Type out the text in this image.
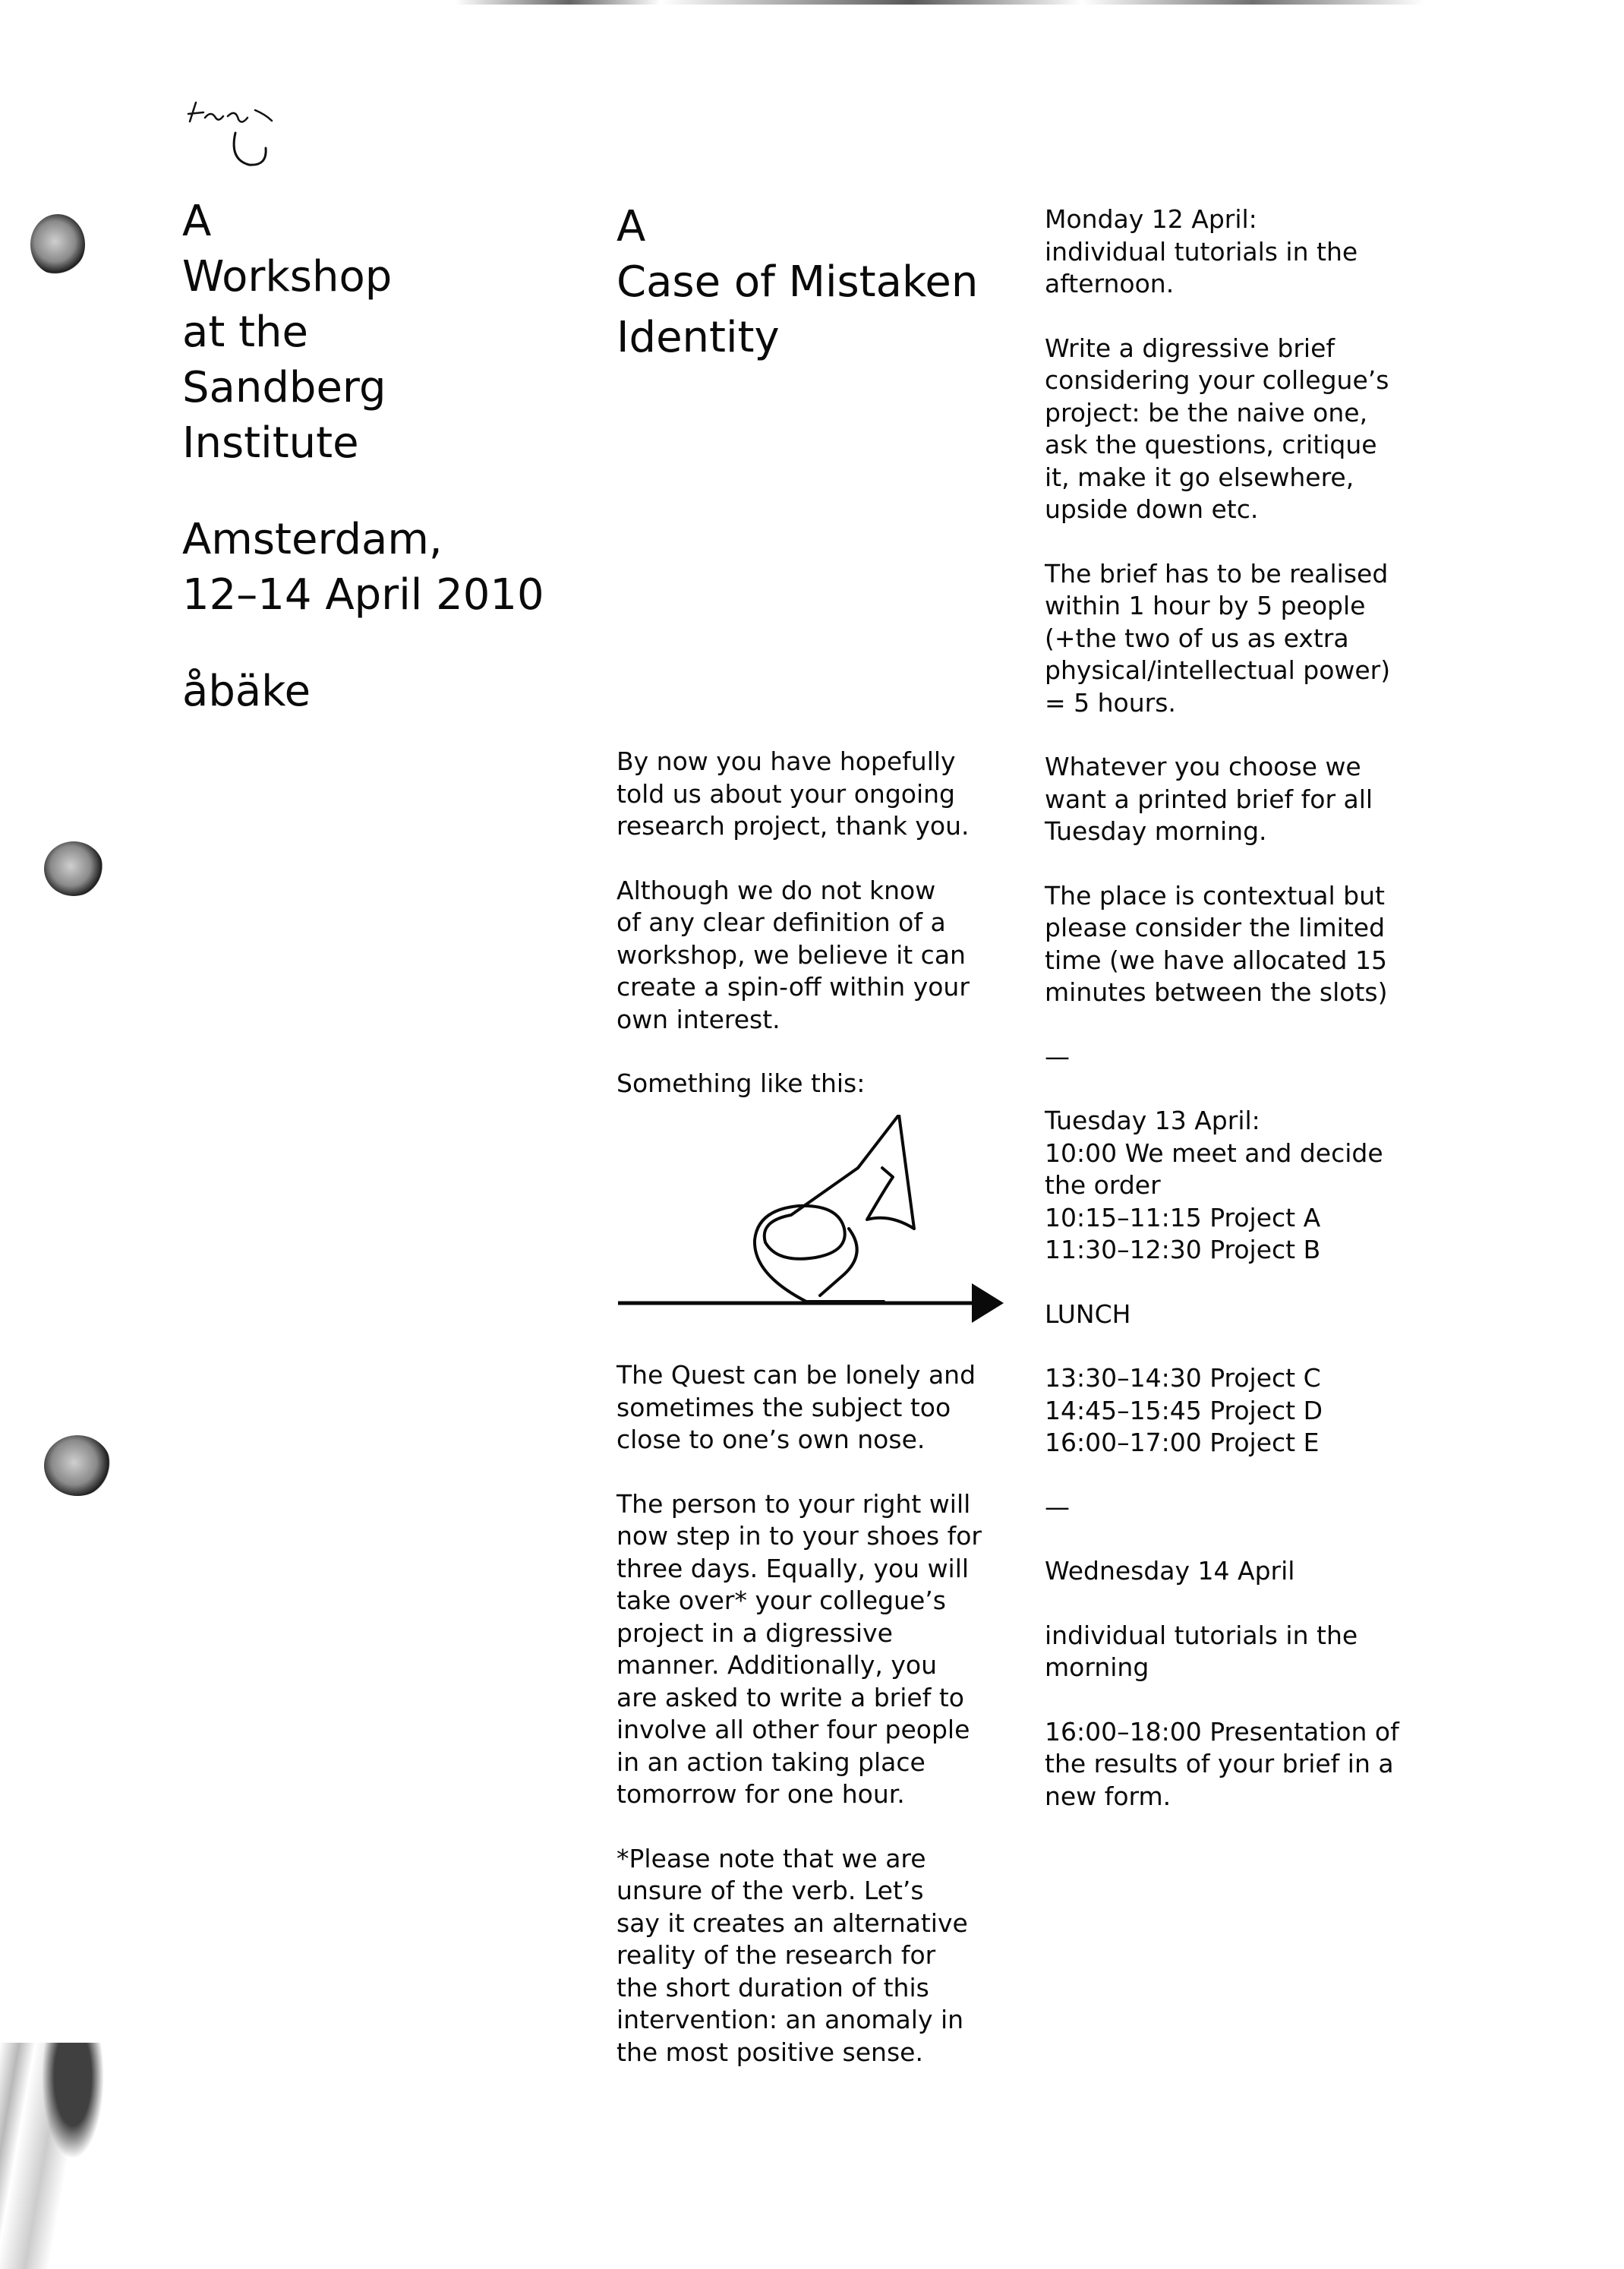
A
Workshop
at the
Sandberg
Institute

Amsterdam,
12–14 April 2010

åbäke

A
Case of Mistaken
Identity

By now you have hopefully
told us about your ongoing
research project, thank you.

Although we do not know
of any clear definition of a
workshop, we believe it can
create a spin-off within your
own interest.

Something like this:

The Quest can be lonely and
sometimes the subject too
close to one’s own nose.

The person to your right will
now step in to your shoes for
three days. Equally, you will
take over* your collegue’s
project in a digressive
manner. Additionally, you
are asked to write a brief to
involve all other four people
in an action taking place
tomorrow for one hour.

*Please note that we are
unsure of the verb. Let’s
say it creates an alternative
reality of the research for
the short duration of this
intervention: an anomaly in
the most positive sense.

Monday 12 April:
individual tutorials in the
afternoon.

Write a digressive brief
considering your collegue’s
project: be the naive one,
ask the questions, critique
it, make it go elsewhere,
upside down etc.

The brief has to be realised
within 1 hour by 5 people
(+the two of us as extra
physical/intellectual power)
= 5 hours.

Whatever you choose we
want a printed brief for all
Tuesday morning.

The place is contextual but
please consider the limited
time (we have allocated 15
minutes between the slots)

—

Tuesday 13 April:
10:00 We meet and decide
the order
10:15–11:15 Project A
11:30–12:30 Project B

LUNCH

13:30–14:30 Project C
14:45–15:45 Project D
16:00–17:00 Project E

—

Wednesday 14 April

individual tutorials in the
morning

16:00–18:00 Presentation of
the results of your brief in a
new form.
